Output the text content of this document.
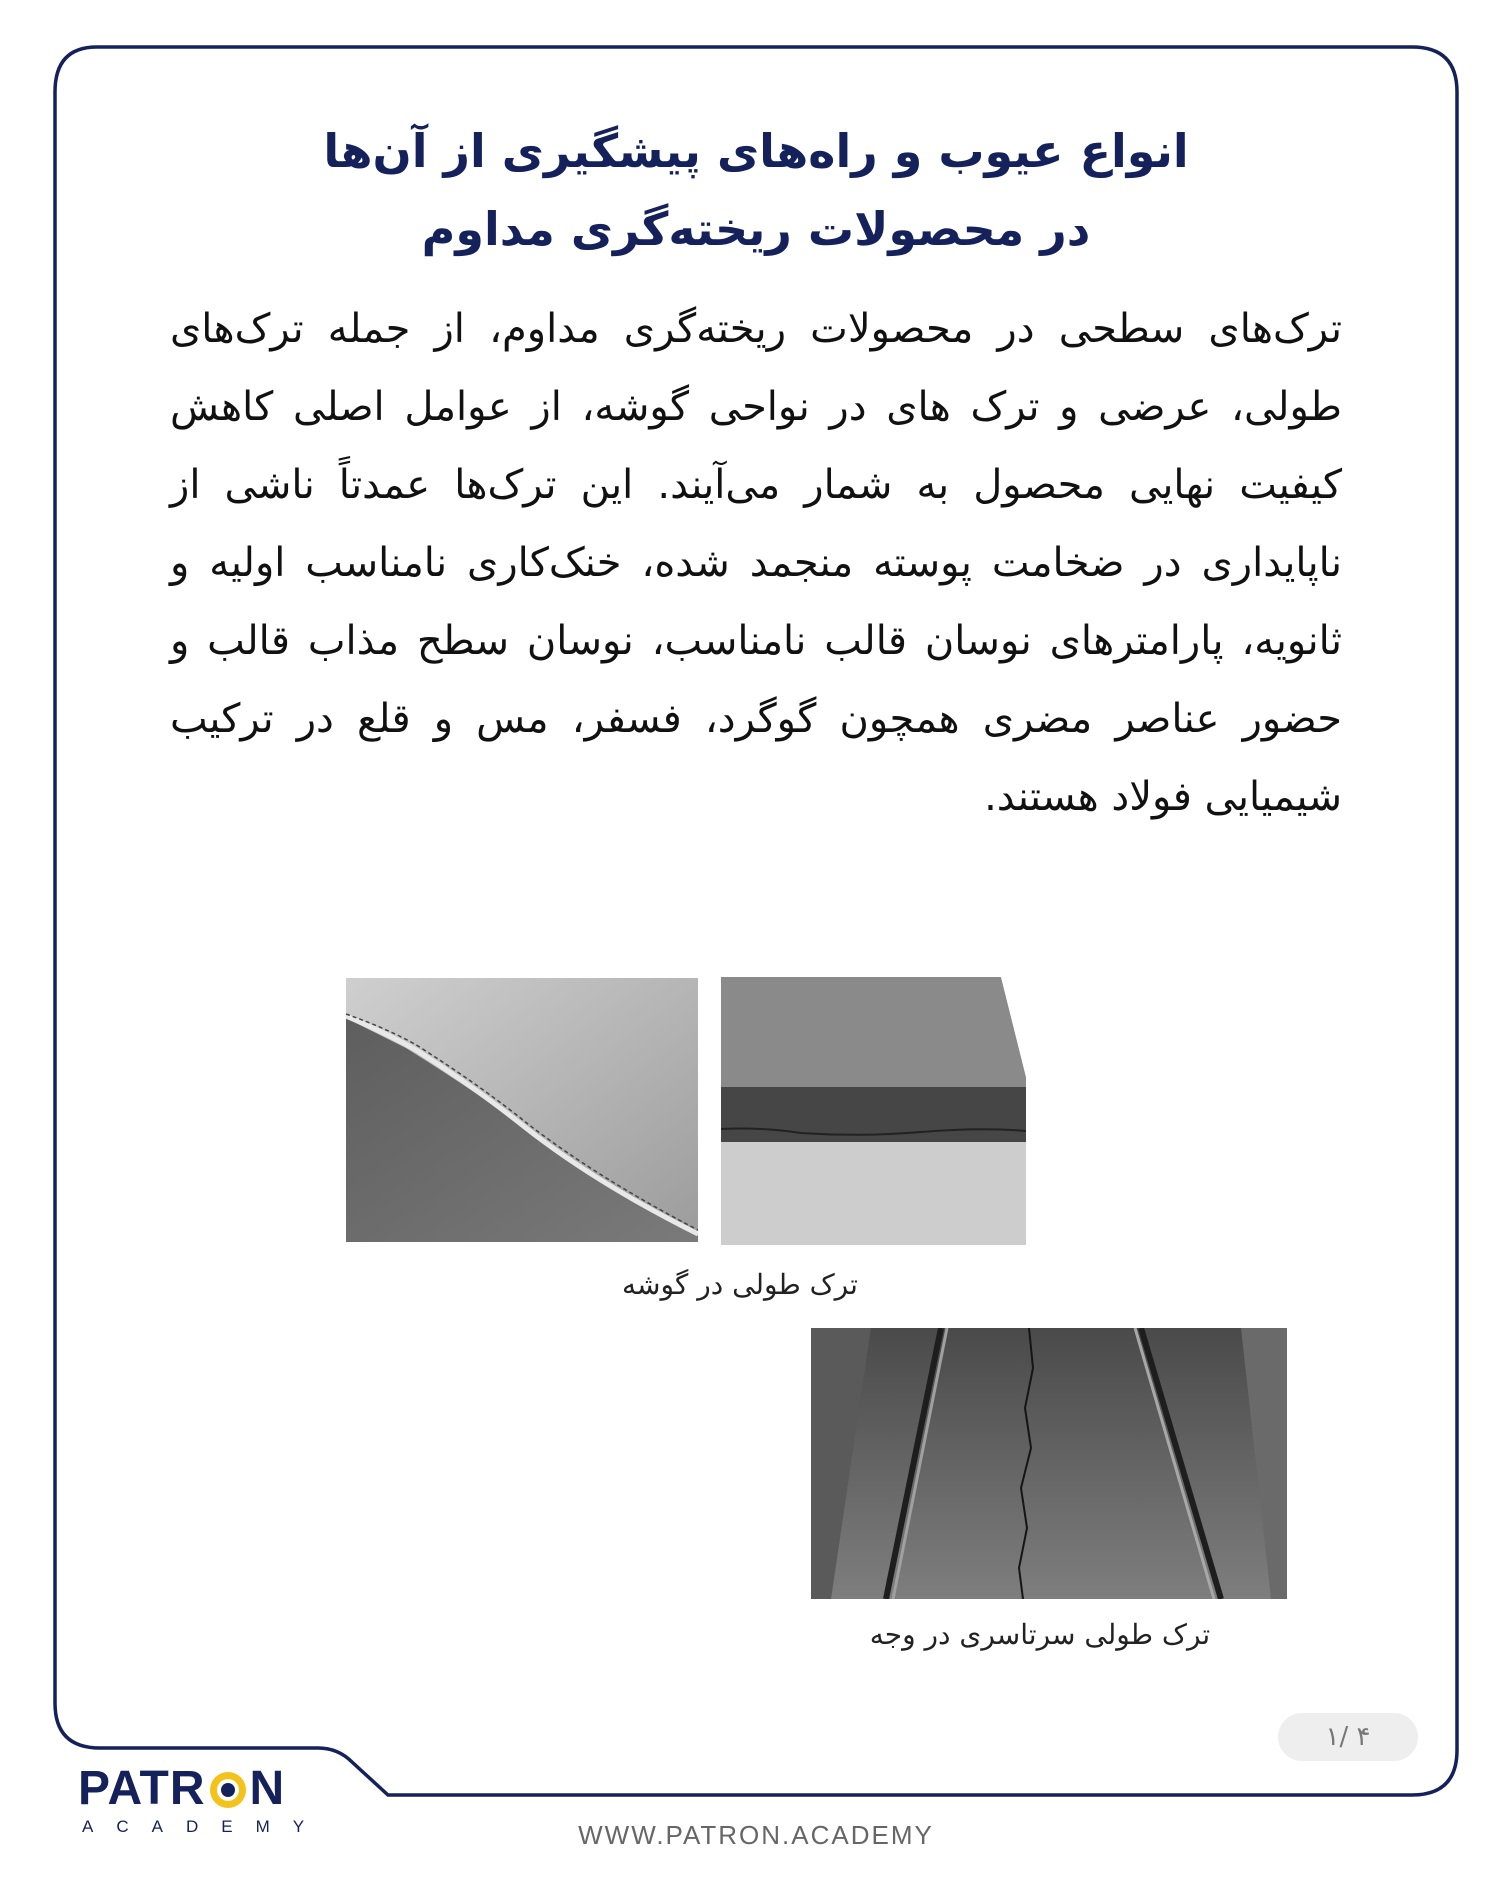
انواع عیوب و راه‌های پیشگیری از آن‌ها
در محصولات ریخته‌گری مداوم

ترک‌های سطحی در محصولات ریخته‌گری مداوم، از جمله ترک‌های طولی، عرضی و ترک های در نواحی گوشه، از عوامل اصلی کاهش کیفیت نهایی محصول به شمار می‌آیند. این ترک‌ها عمدتاً ناشی از ناپایداری در ضخامت پوسته منجمد شده، خنک‌کاری نامناسب اولیه و ثانویه، پارامترهای نوسان قالب نامناسب، نوسان سطح مذاب قالب و حضور عناصر مضری همچون گوگرد، فسفر، مس و قلع در ترکیب شیمیایی فولاد هستند.

ترک طولی در گوشه
ترک طولی سرتاسری در وجه
۱/ ۴
PATR N
ACADEMY	WWW.PATRON.ACADEMY
